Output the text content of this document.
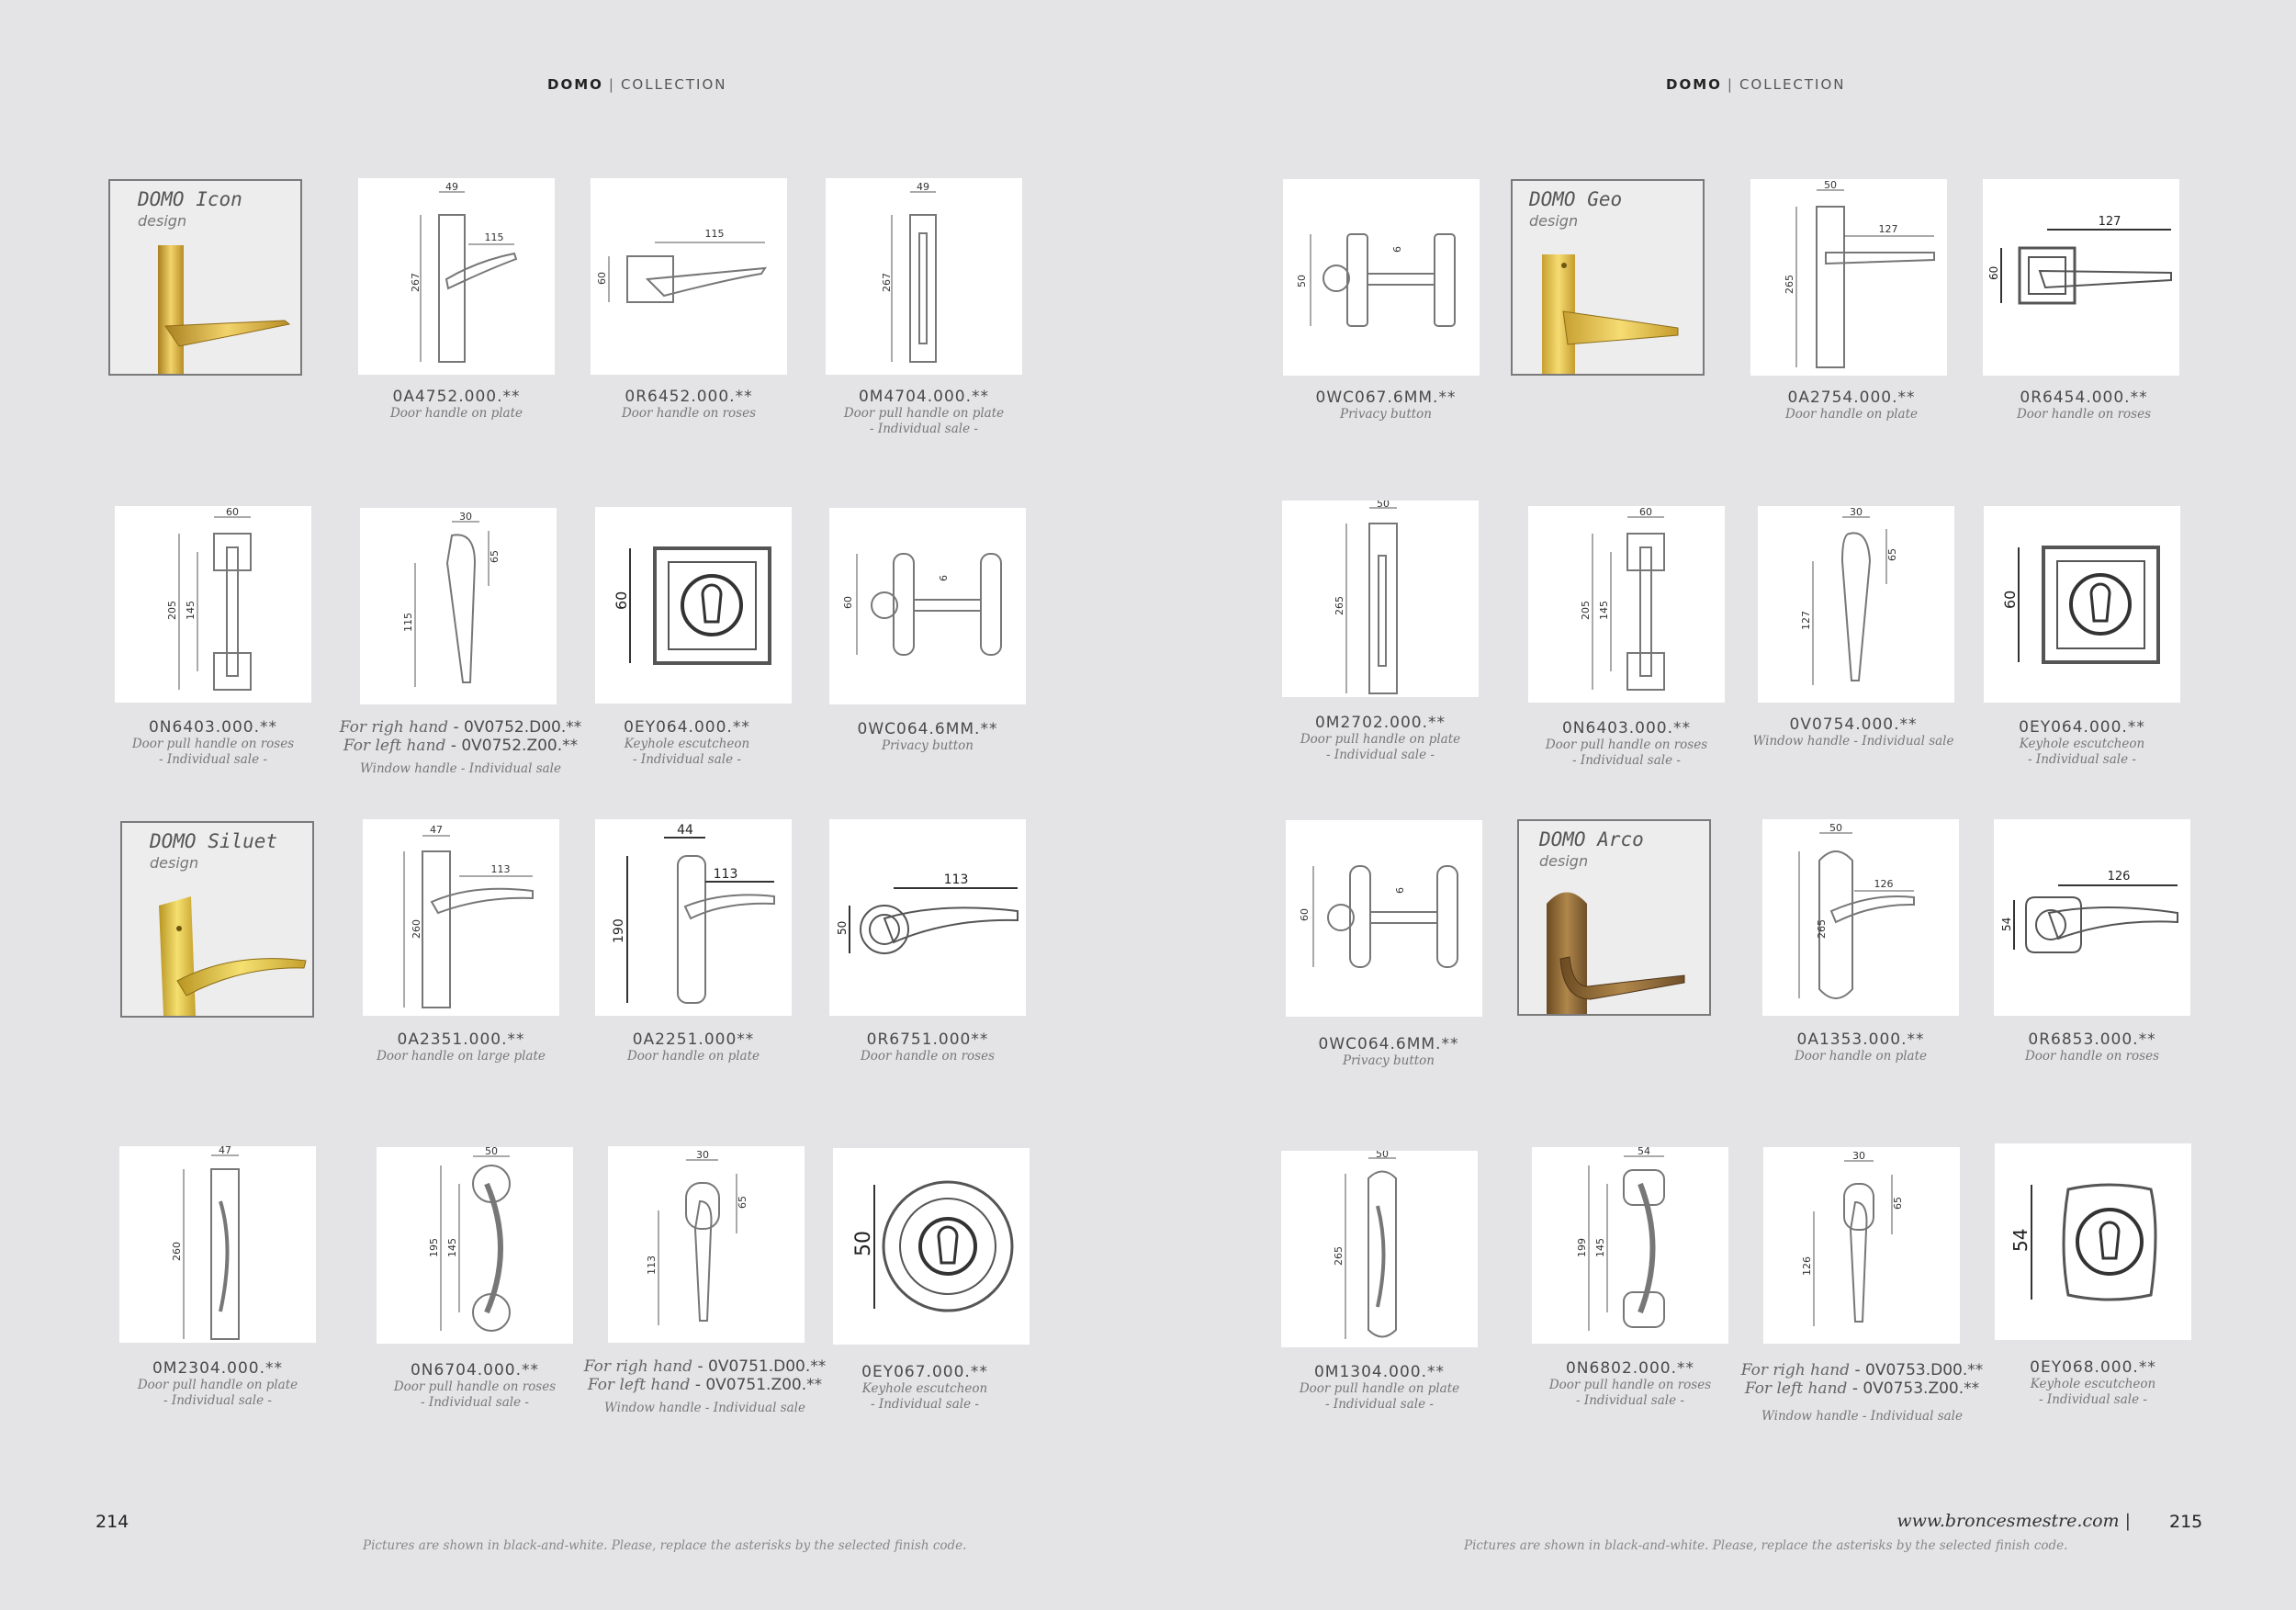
DOMO | COLLECTION	DOMO | COLLECTION
DOMO Icon
design
49
115
267
115
60
49
267
0A4752.000.**
Door handle on plate
0R6452.000.**
Door handle on roses
0M4704.000.**
Door pull handle on plate
- Individual sale -
60
205 145
30
65
115
60	60
6
0N6403.000.**
Door pull handle on roses
- Individual sale -
For righ hand - 0V0752.D00.**
For left hand - 0V0752.Z00.**
Window handle - Individual sale
0EY064.000.**
Keyhole escutcheon
- Individual sale -
0WC064.6MM.**
Privacy button
DOMO Siluet
design
47
113
260
44
113
190
113
50
0A2351.000.**
Door handle on large plate
0A2251.000**
Door handle on plate
0R6751.000**
Door handle on roses
47
260
50
195 145
30
65
113
50
0M2304.000.**
Door pull handle on plate
- Individual sale -
0N6704.000.**
Door pull handle on roses
- Individual sale -
For righ hand - 0V0751.D00.**
For left hand - 0V0751.Z00.**
Window handle - Individual sale
0EY067.000.**
Keyhole escutcheon
- Individual sale -
214
Pictures are shown in black-and-white. Please, replace the asterisks by the selected finish code.
50
6
DOMO Geo
design
50
127
265
127
60
0WC067.6MM.**
Privacy button
0A2754.000.**
Door handle on plate
0R6454.000.**
Door handle on roses
50
265
60
205 145
30
65
127
60
0M2702.000.**
Door pull handle on plate
- Individual sale -
0N6403.000.**
Door pull handle on roses
- Individual sale -
0V0754.000.**
Window handle - Individual sale
0EY064.000.**
Keyhole escutcheon
- Individual sale -
60
6
DOMO Arco
design
50
126
265
126
54
0WC064.6MM.**
Privacy button
0A1353.000.**
Door handle on plate
0R6853.000.**
Door handle on roses
50
265
54
199 145
30
65
126
54
0M1304.000.**
Door pull handle on plate
- Individual sale -
0N6802.000.**
Door pull handle on roses
- Individual sale -
For righ hand - 0V0753.D00.**
For left hand - 0V0753.Z00.**
Window handle - Individual sale
0EY068.000.**
Keyhole escutcheon
- Individual sale -
www.broncesmestre.com | 215
Pictures are shown in black-and-white. Please, replace the asterisks by the selected finish code.
